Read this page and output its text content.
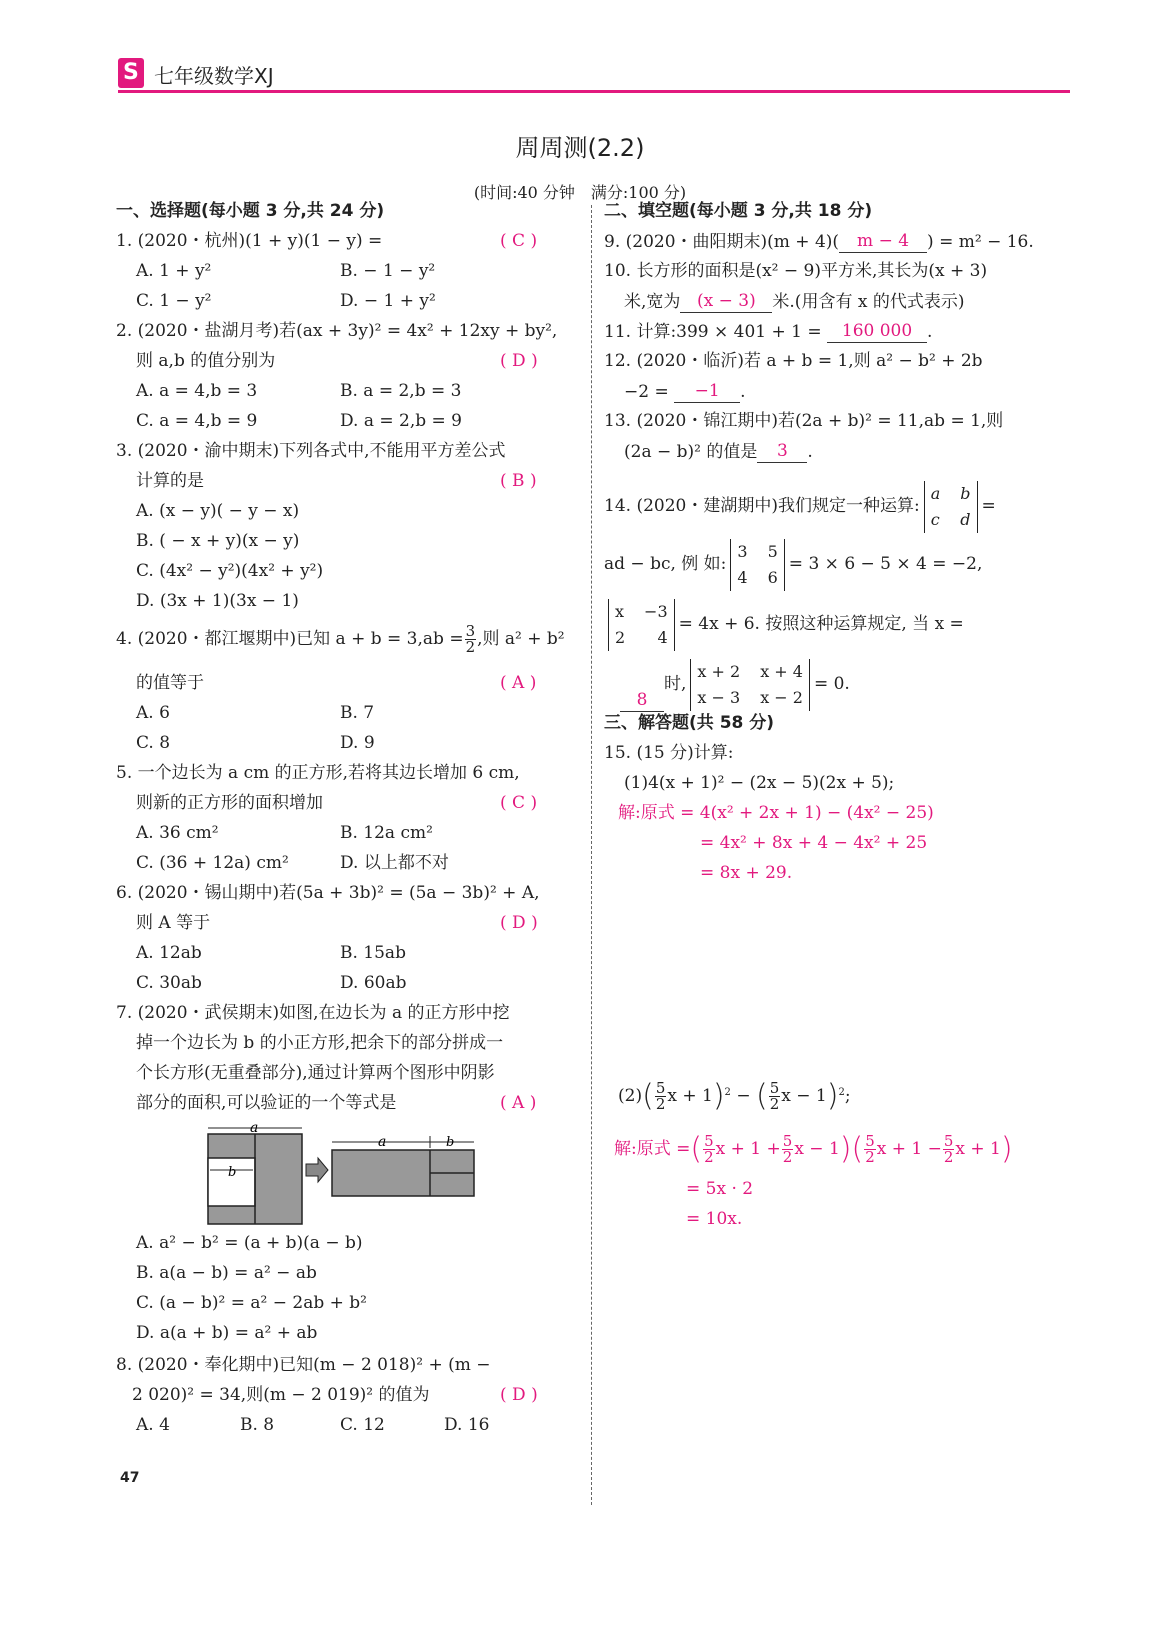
S 七年级数学XJ
周周测(2.2)
(时间:40 分钟　满分:100 分)
一、选择题(每小题 3 分,共 24 分)
1. (2020・杭州)(1 + y)(1 − y) =	( C )
A. 1 + y²	B. − 1 − y²
C. 1 − y²	D. − 1 + y²
2. (2020・盐湖月考)若(ax + 3y)² = 4x² + 12xy + by²,
则 a,b 的值分别为	( D )
A. a = 4,b = 3	B. a = 2,b = 3
C. a = 4,b = 9	D. a = 2,b = 9
3. (2020・渝中期末)下列各式中,不能用平方差公式
计算的是	( B )
A. (x − y)( − y − x)
B. ( − x + y)(x − y)
C. (4x² − y²)(4x² + y²)
D. (3x + 1)(3x − 1)
4. (2020・都江堰期中)已知 $a + b = 3,ab = \frac{3}{2}$ ,则 a² + b²
的值等于	( A )
A. 6	B. 7
C. 8	D. 9
5. 一个边长为 a cm 的正方形,若将其边长增加 6 cm,
则新的正方形的面积增加	( C )
A. 36 cm²	B. 12a cm²
C. (36 + 12a) cm²	D. 以上都不对
6. (2020・锡山期中)若(5a + 3b)² = (5a − 3b)² + A,
则 A 等于	( D )
A. 12ab	B. 15ab
C. 30ab	D. 60ab
7. (2020・武侯期末)如图,在边长为 a 的正方形中挖
掉一个边长为 b 的小正方形,把余下的部分拼成一
个长方形(无重叠部分),通过计算两个图形中阴影
部分的面积,可以验证的一个等式是	( A )
a
b
a	b
A. a² − b² = (a + b)(a − b)
B. a(a − b) = a² − ab
C. (a − b)² = a² − 2ab + b²
D. a(a + b) = a² + ab
8. (2020・奉化期中)已知(m − 2 018)² + (m −
2 020)² = 34,则(m − 2 019)² 的值为	( D )
A. 4	B. 8	C. 12	D. 16
二、填空题(每小题 3 分,共 18 分)
9. (2020・曲阳期末)(m + 4)( m − 4 ) = m² − 16.
10. 长方形的面积是(x² − 9)平方米,其长为(x + 3)
米,宽为 (x − 3) 米.(用含有 x 的代式表示)
11. 计算:399 × 401 + 1 = 160 000 .
12. (2020・临沂)若 a + b = 1,则 a² − b² + 2b
−2 = −1 .
13. (2020・锦江期中)若(2a + b)² = 11,ab = 1,则
(2a − b)² 的值是 3 .
14. (2020・建湖期中)我们规定一种运算:
a b
c d
=
ad − bc, 例 如:
3 5
4 6
= 3 × 6 − 5 × 4 = −2,
x −3
2 4
= 4x + 6. 按照这种运算规定, 当 x =
8时,
x + 2 x + 4
x − 3 x − 2
= 0.
三、解答题(共 58 分)
15. (15 分)计算:
(1)4(x + 1)² − (2x − 5)(2x + 5);
解:原式 = 4(x² + 2x + 1) − (4x² − 25)
= 4x² + 8x + 4 − 4x² + 25
= 8x + 29.
$(2)( \frac{5}{2}$ $x + 1)^2$ − ( $\frac{5}{2}$ x − 1)$^2$;
解:原式 =( $\frac{5}{2}$ $x + 1 + \frac{5}{2}$ $x - 1)( \frac{5}{2}$ $x + 1 - \frac{5}{2}$ x + 1)
= 5x · 2
= 10x.
47
